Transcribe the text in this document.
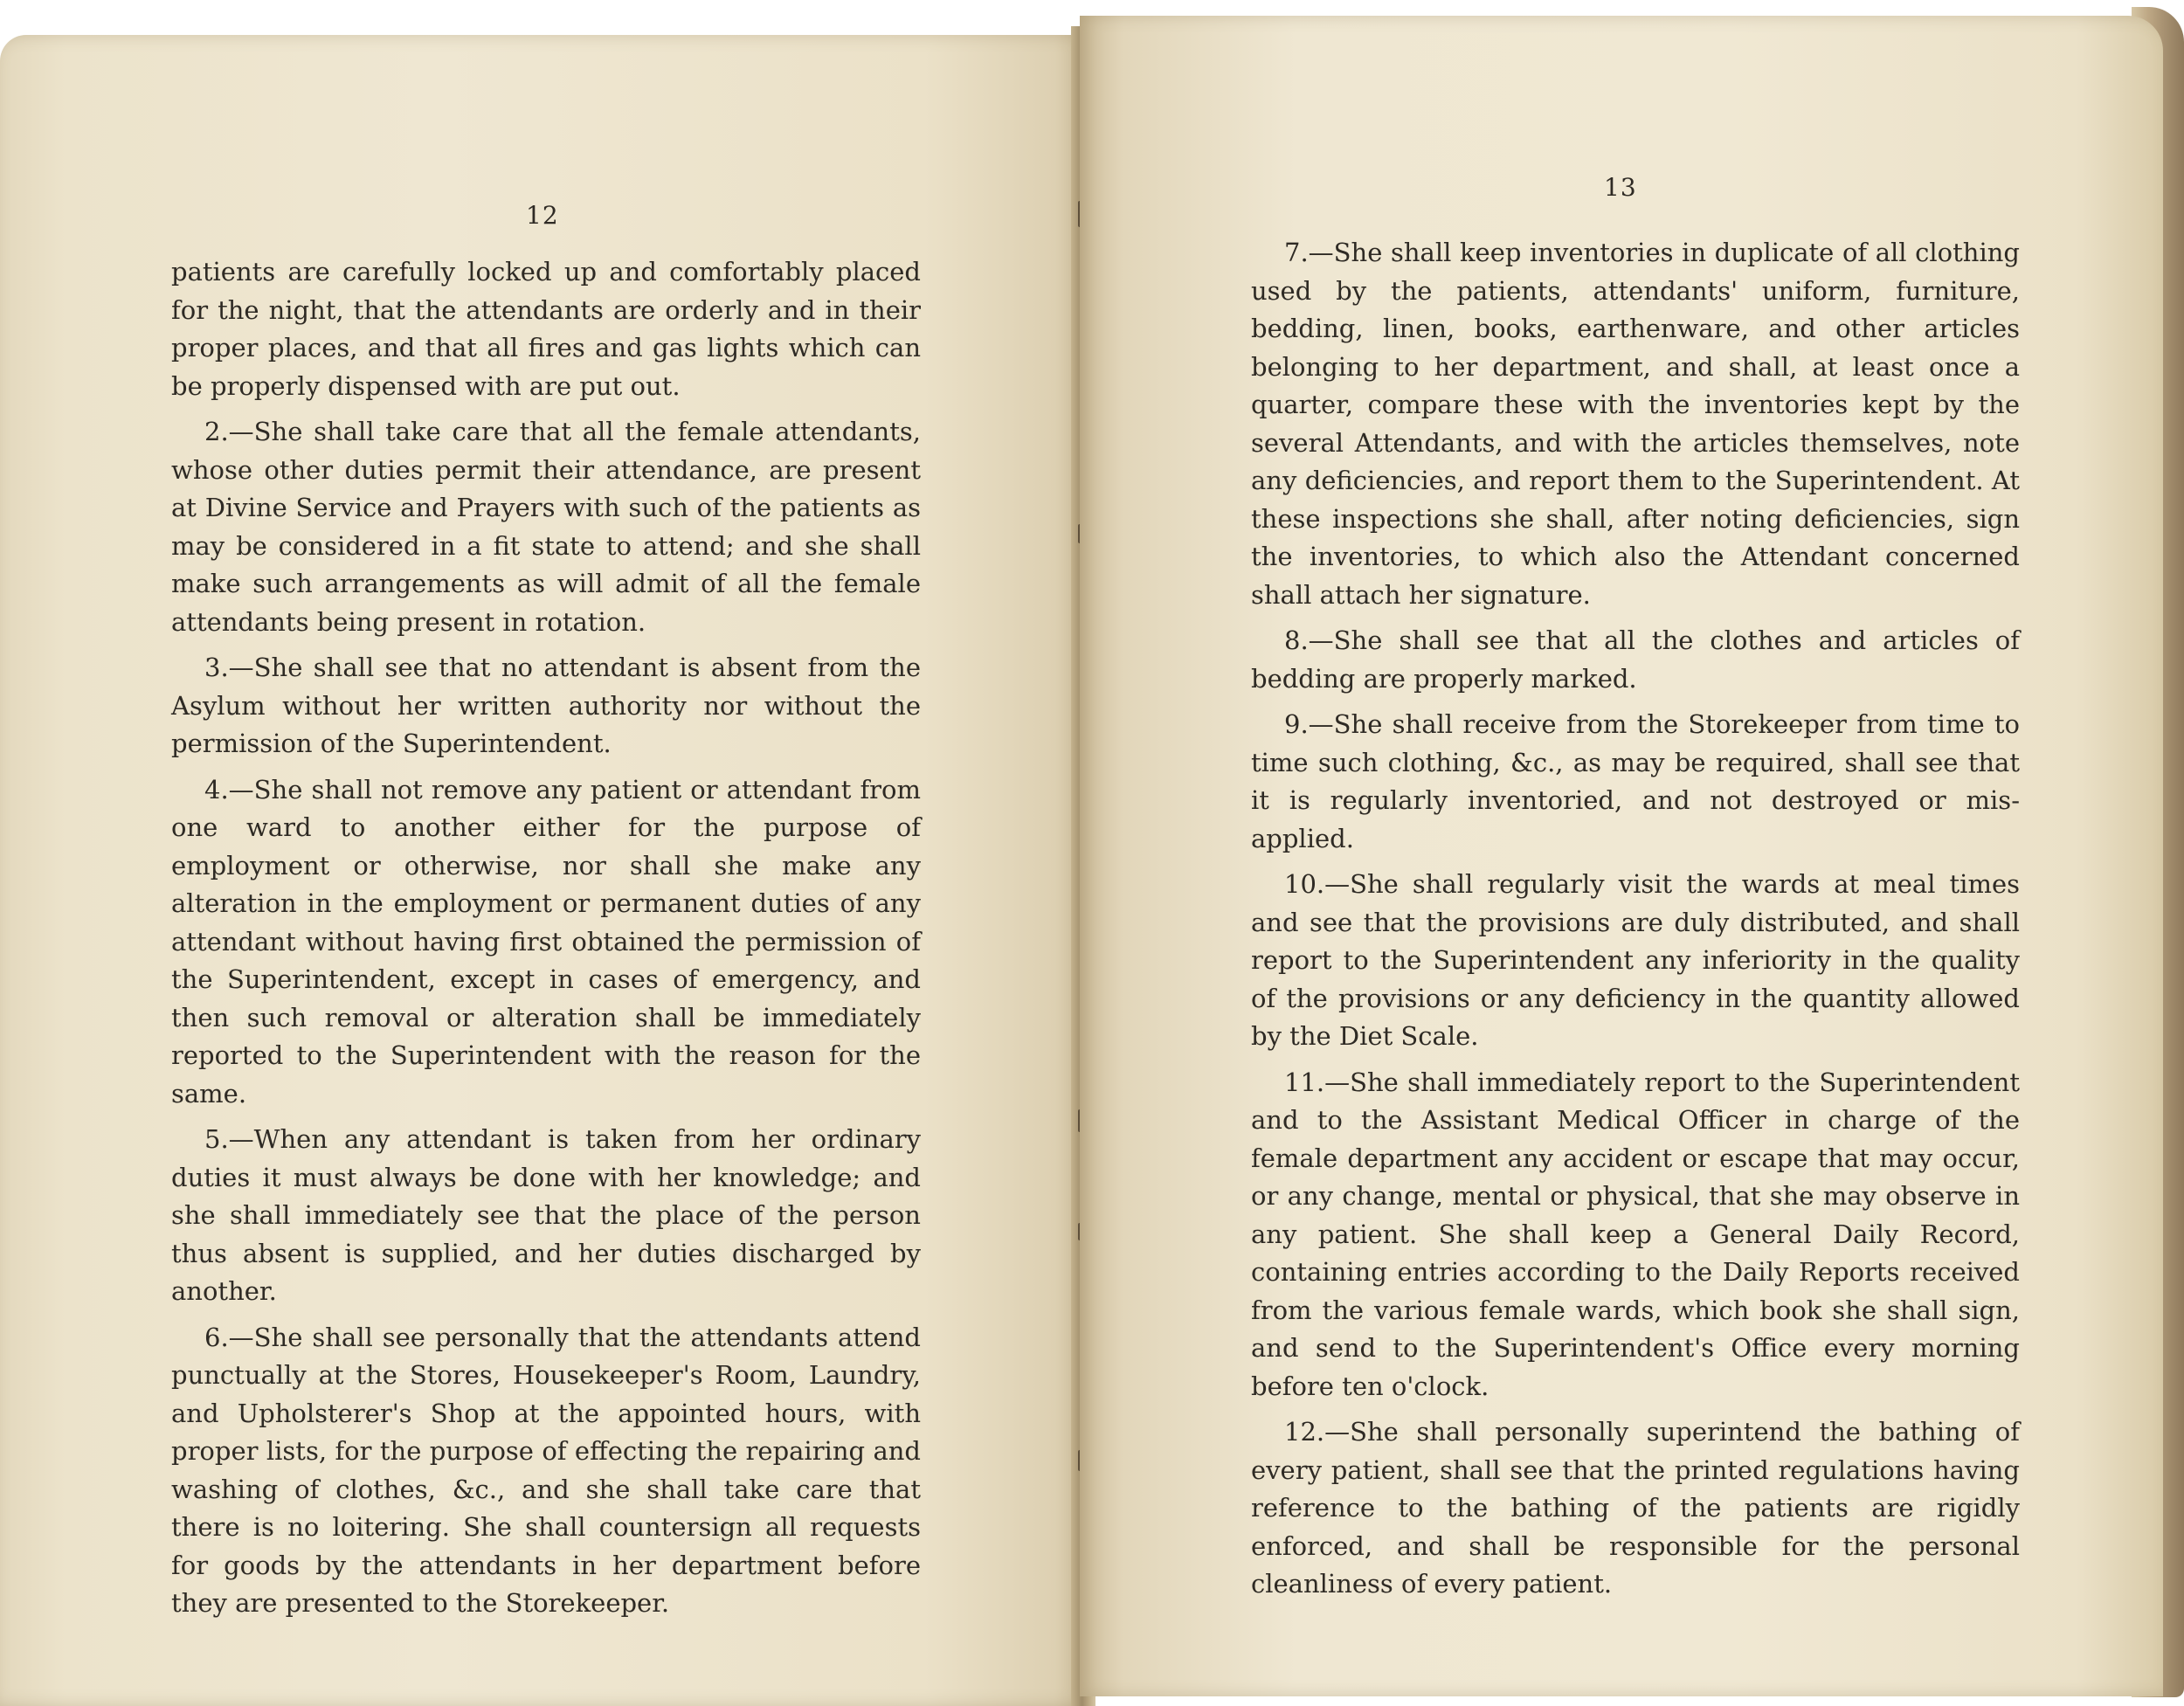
12

patients are carefully locked up and comfortably placed for the night, that the attendants are orderly and in their proper places, and that all fires and gas lights which can be properly dispensed with are put out.

2.—She shall take care that all the female attendants, whose other duties permit their attendance, are present at Divine Service and Prayers with such of the patients as may be considered in a fit state to attend; and she shall make such arrangements as will admit of all the female attendants being present in rotation.

3.—She shall see that no attendant is absent from the Asylum without her written authority nor without the permission of the Superintendent.

4.—She shall not remove any patient or attendant from one ward to another either for the purpose of employment or otherwise, nor shall she make any alteration in the employment or permanent duties of any attendant without having first obtained the permission of the Superintendent, except in cases of emergency, and then such removal or alteration shall be immediately reported to the Superintendent with the reason for the same.

5.—When any attendant is taken from her ordinary duties it must always be done with her knowledge; and she shall immediately see that the place of the person thus absent is supplied, and her duties discharged by another.

6.—She shall see personally that the attendants attend punctually at the Stores, Housekeeper's Room, Laundry, and Upholsterer's Shop at the appointed hours, with proper lists, for the purpose of effecting the repairing and washing of clothes, &c., and she shall take care that there is no loitering. She shall countersign all requests for goods by the attendants in her department before they are presented to the Storekeeper.

13

7.—She shall keep inventories in duplicate of all clothing used by the patients, attendants' uniform, furniture, bedding, linen, books, earthenware, and other articles belonging to her department, and shall, at least once a quarter, compare these with the inventories kept by the several Attendants, and with the articles themselves, note any deficiencies, and report them to the Superintendent. At these inspections she shall, after noting deficiencies, sign the inventories, to which also the Attendant concerned shall attach her signature.

8.—She shall see that all the clothes and articles of bedding are properly marked.

9.—She shall receive from the Storekeeper from time to time such clothing, &c., as may be required, shall see that it is regularly inventoried, and not destroyed or mis-applied.

10.—She shall regularly visit the wards at meal times and see that the provisions are duly distributed, and shall report to the Superintendent any inferiority in the quality of the provisions or any deficiency in the quantity allowed by the Diet Scale.

11.—She shall immediately report to the Superintendent and to the Assistant Medical Officer in charge of the female department any accident or escape that may occur, or any change, mental or physical, that she may observe in any patient. She shall keep a General Daily Record, containing entries according to the Daily Reports received from the various female wards, which book she shall sign, and send to the Superintendent's Office every morning before ten o'clock.

12.—She shall personally superintend the bathing of every patient, shall see that the printed regulations having reference to the bathing of the patients are rigidly enforced, and shall be responsible for the personal cleanliness of every patient.
